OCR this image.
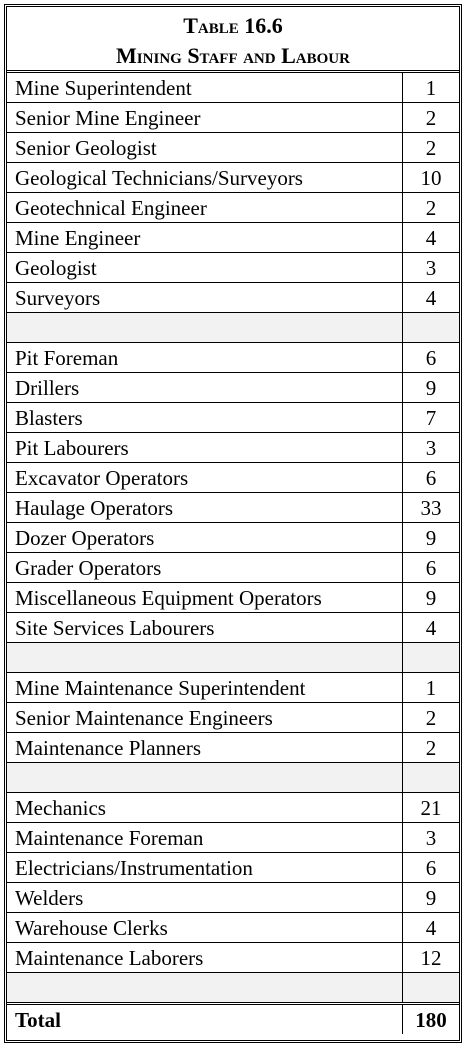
Table 16.6
Mining Staff and Labour
Mine Superintendent	1
Senior Mine Engineer	2
Senior Geologist	2
Geological Technicians/Surveyors	10
Geotechnical Engineer	2
Mine Engineer	4
Geologist	3
Surveyors	4

Pit Foreman	6
Drillers	9
Blasters	7
Pit Labourers	3
Excavator Operators	6
Haulage Operators	33
Dozer Operators	9
Grader Operators	6
Miscellaneous Equipment Operators	9
Site Services Labourers	4

Mine Maintenance Superintendent	1
Senior Maintenance Engineers	2
Maintenance Planners	2

Mechanics	21
Maintenance Foreman	3
Electricians/Instrumentation	6
Welders	9
Warehouse Clerks	4
Maintenance Laborers	12

Total	180
